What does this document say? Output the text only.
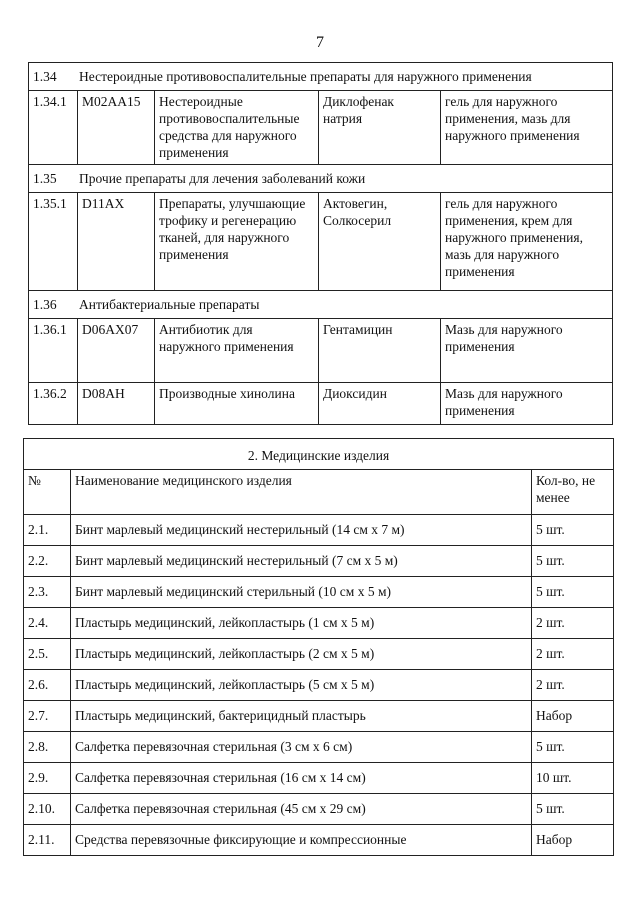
7
1.34 Нестероидные противовоспалительные препараты для наружного применения				
1.34.1	M02AA15	Нестероидные противовоспалительные средства для наружного применения	Диклофенак натрия	гель для наружного применения, мазь для наружного применения
1.35 Прочие препараты для лечения заболеваний кожи				
1.35.1	D11AX	Препараты, улучшающие трофику и регенерацию тканей, для наружного применения	Актовегин, Солкосерил	гель для наружного применения, крем для наружного применения, мазь для наружного применения
1.36 Антибактериальные препараты				
1.36.1	D06AX07	Антибиотик для наружного применения	Гентамицин	Мазь для наружного применения
1.36.2	D08AH	Производные хинолина	Диоксидин	Мазь для наружного применения
2. Медицинские изделия		
№	Наименование медицинского изделия	Кол-во, не менее
2.1.	Бинт марлевый медицинский нестерильный (14 см х 7 м)	5 шт.
2.2.	Бинт марлевый медицинский нестерильный (7 см х 5 м)	5 шт.
2.3.	Бинт марлевый медицинский стерильный (10 см х 5 м)	5 шт.
2.4.	Пластырь медицинский, лейкопластырь (1 см х 5 м)	2 шт.
2.5.	Пластырь медицинский, лейкопластырь (2 см х 5 м)	2 шт.
2.6.	Пластырь медицинский, лейкопластырь (5 см х 5 м)	2 шт.
2.7.	Пластырь медицинский, бактерицидный пластырь	Набор
2.8.	Салфетка перевязочная стерильная (3 см х 6 см)	5 шт.
2.9.	Салфетка перевязочная стерильная (16 см х 14 см)	10 шт.
2.10.	Салфетка перевязочная стерильная (45 см х 29 см)	5 шт.
2.11.	Средства перевязочные фиксирующие и компрессионные	Набор
